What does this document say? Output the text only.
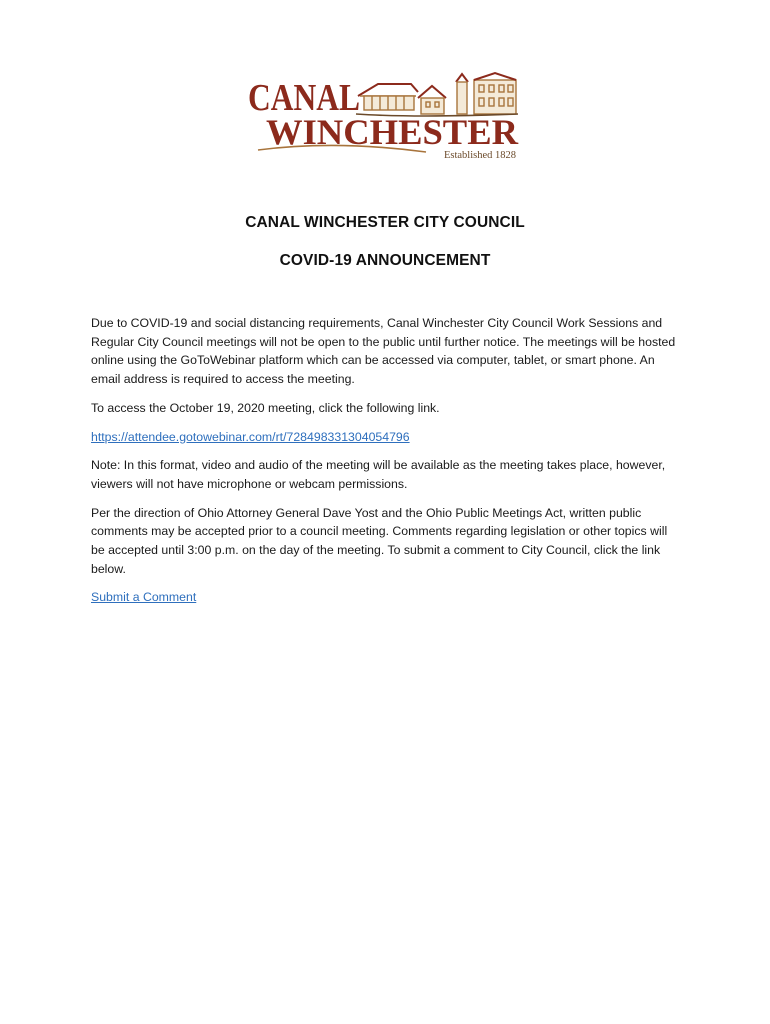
CANAL
WINCHESTER
Established 1828
CANAL WINCHESTER CITY COUNCIL
COVID-19 ANNOUNCEMENT

Due to COVID-19 and social distancing requirements, Canal Winchester City Council Work Sessions and Regular City Council meetings will not be open to the public until further notice. The meetings will be hosted online using the GoToWebinar platform which can be accessed via computer, tablet, or smart phone. An email address is required to access the meeting.

To access the October 19, 2020 meeting, click the following link.

https://attendee.gotowebinar.com/rt/728498331304054796

Note: In this format, video and audio of the meeting will be available as the meeting takes place, however, viewers will not have microphone or webcam permissions.

Per the direction of Ohio Attorney General Dave Yost and the Ohio Public Meetings Act, written public comments may be accepted prior to a council meeting. Comments regarding legislation or other topics will be accepted until 3:00 p.m. on the day of the meeting. To submit a comment to City Council, click the link below.

Submit a Comment
